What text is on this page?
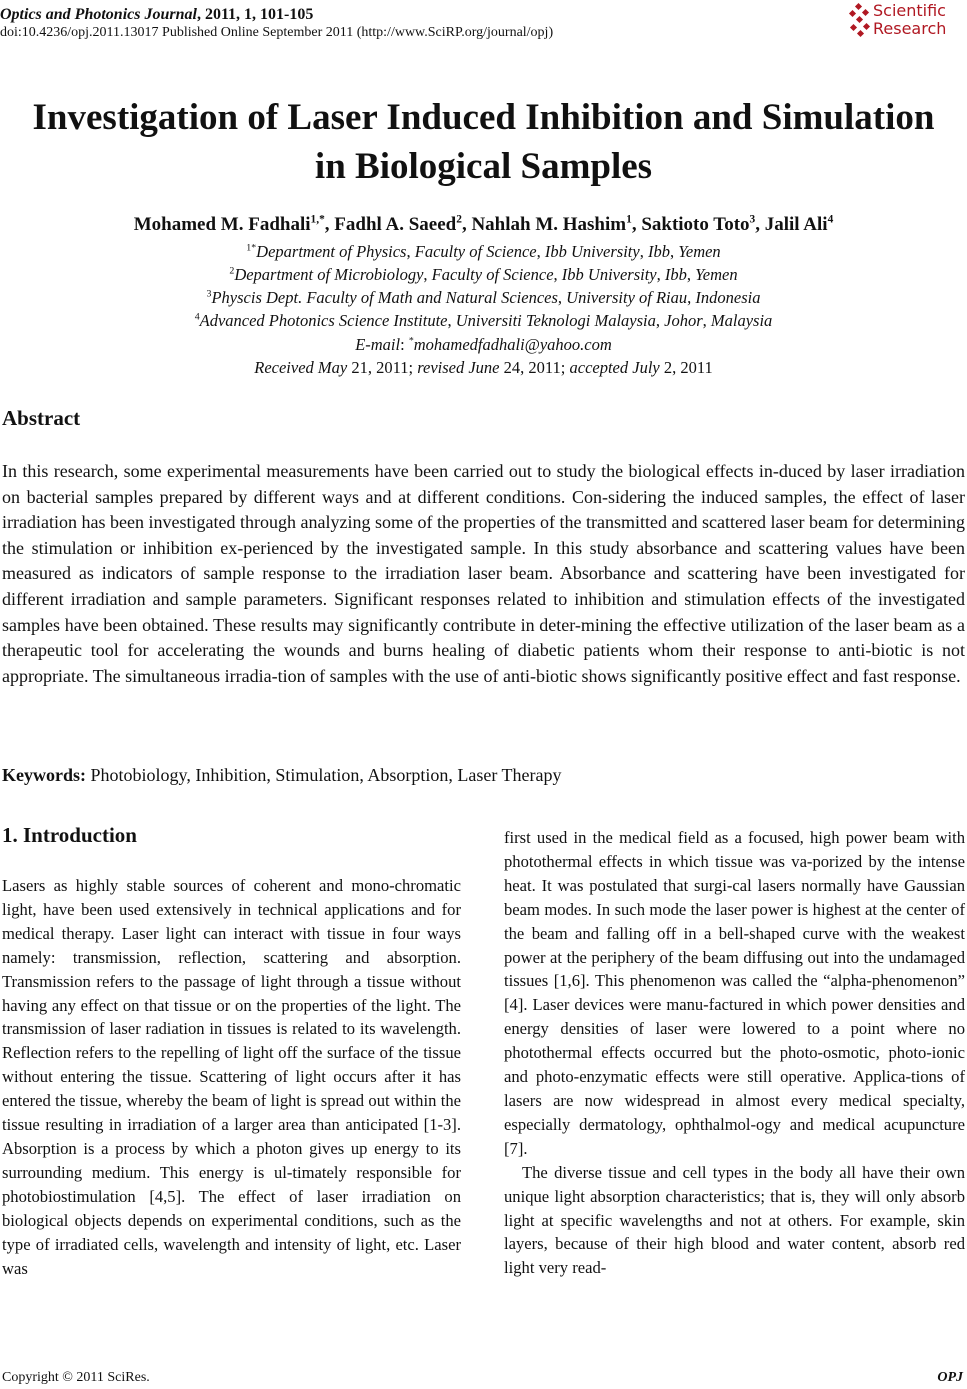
Optics and Photonics Journal, 2011, 1, 101-105
doi:10.4236/opj.2011.13017 Published Online September 2011 (http://www.SciRP.org/journal/opj)
Scientific
Research
Investigation of Laser Induced Inhibition and Simulation
in Biological Samples
Mohamed M. Fadhali$^{1,*}$, Fadhl A. Saeed$^2$, Nahlah M. Hashim$^1$, Saktioto Toto$^3$, Jalil Ali$^4$
$^{1*}$Department of Physics, Faculty of Science, Ibb University, Ibb, Yemen
$^2$Department of Microbiology, Faculty of Science, Ibb University, Ibb, Yemen
$^3$Physcis Dept. Faculty of Math and Natural Sciences, University of Riau, Indonesia
$^4$Advanced Photonics Science Institute, Universiti Teknologi Malaysia, Johor, Malaysia
E-mail: *mohamedfadhali@yahoo.com
Received May 21, 2011; revised June 24, 2011; accepted July 2, 2011
Abstract
In this research, some experimental measurements have been carried out to study the biological effects in-duced by laser irradiation on bacterial samples prepared by different ways and at different conditions. Con-sidering the induced samples, the effect of laser irradiation has been investigated through analyzing some of the properties of the transmitted and scattered laser beam for determining the stimulation or inhibition ex-perienced by the investigated sample. In this study absorbance and scattering values have been measured as indicators of sample response to the irradiation laser beam. Absorbance and scattering have been investigated for different irradiation and sample parameters. Significant responses related to inhibition and stimulation effects of the investigated samples have been obtained. These results may significantly contribute in deter-mining the effective utilization of the laser beam as a therapeutic tool for accelerating the wounds and burns healing of diabetic patients whom their response to anti-biotic is not appropriate. The simultaneous irradia-tion of samples with the use of anti-biotic shows significantly positive effect and fast response.
Keywords: Photobiology, Inhibition, Stimulation, Absorption, Laser Therapy
1. Introduction

Lasers as highly stable sources of coherent and mono-chromatic light, have been used extensively in technical applications and for medical therapy. Laser light can interact with tissue in four ways namely: transmission, reflection, scattering and absorption. Transmission refers to the passage of light through a tissue without having any effect on that tissue or on the properties of the light. The transmission of laser radiation in tissues is related to its wavelength. Reflection refers to the repelling of light off the surface of the tissue without entering the tissue. Scattering of light occurs after it has entered the tissue, whereby the beam of light is spread out within the tissue resulting in irradiation of a larger area than anticipated [1-3]. Absorption is a process by which a photon gives up energy to its surrounding medium. This energy is ul-timately responsible for photobiostimulation [4,5]. The effect of laser irradiation on biological objects depends on experimental conditions, such as the type of irradiated cells, wavelength and intensity of light, etc. Laser was

first used in the medical field as a focused, high power beam with photothermal effects in which tissue was va-porized by the intense heat. It was postulated that surgi-cal lasers normally have Gaussian beam modes. In such mode the laser power is highest at the center of the beam and falling off in a bell-shaped curve with the weakest power at the periphery of the beam diffusing out into the undamaged tissues [1,6]. This phenomenon was called the “alpha-phenomenon” [4]. Laser devices were manu-factured in which power densities and energy densities of laser were lowered to a point where no photothermal effects occurred but the photo-osmotic, photo-ionic and photo-enzymatic effects were still operative. Applica-tions of lasers are now widespread in almost every medical specialty, especially dermatology, ophthalmol-ogy and medical acupuncture [7].

The diverse tissue and cell types in the body all have their own unique light absorption characteristics; that is, they will only absorb light at specific wavelengths and not at others. For example, skin layers, because of their high blood and water content, absorb red light very read-

Copyright © 2011 SciRes.	OPJ
